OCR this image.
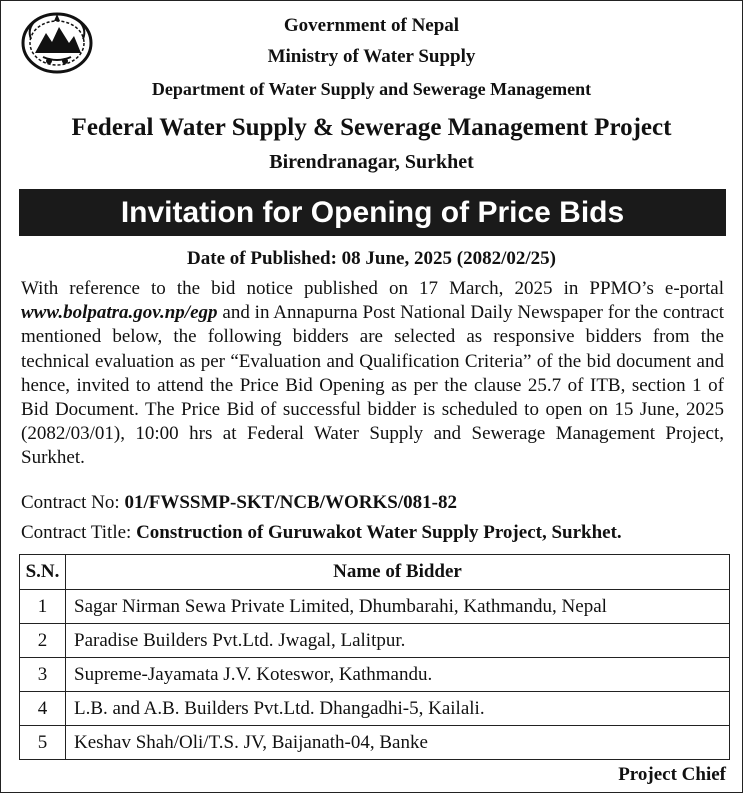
Government of Nepal
Ministry of Water Supply
Department of Water Supply and Sewerage Management
Federal Water Supply & Sewerage Management Project
Birendranagar, Surkhet
Invitation for Opening of Price Bids
Date of Published: 08 June, 2025 (2082/02/25)

With reference to the bid notice published on 17 March, 2025 in PPMO’s e-portal www.bolpatra.gov.np/egp and in Annapurna Post National Daily Newspaper for the contract mentioned below, the following bidders are selected as responsive bidders from the technical evaluation as per “Evaluation and Qualification Criteria” of the bid document and hence, invited to attend the Price Bid Opening as per the clause 25.7 of ITB, section 1 of Bid Document. The Price Bid of successful bidder is scheduled to open on 15 June, 2025 (2082/03/01), 10:00 hrs at Federal Water Supply and Sewerage Management Project, Surkhet.

Contract No: 01/FWSSMP-SKT/NCB/WORKS/081-82
Contract Title: Construction of Guruwakot Water Supply Project, Surkhet.
S.N.	Name of Bidder
1	Sagar Nirman Sewa Private Limited, Dhumbarahi, Kathmandu, Nepal
2	Paradise Builders Pvt.Ltd. Jwagal, Lalitpur.
3	Supreme-Jayamata J.V. Koteswor, Kathmandu.
4	L.B. and A.B. Builders Pvt.Ltd. Dhangadhi-5, Kailali.
5	Keshav Shah/Oli/T.S. JV, Baijanath-04, Banke
Project Chief
